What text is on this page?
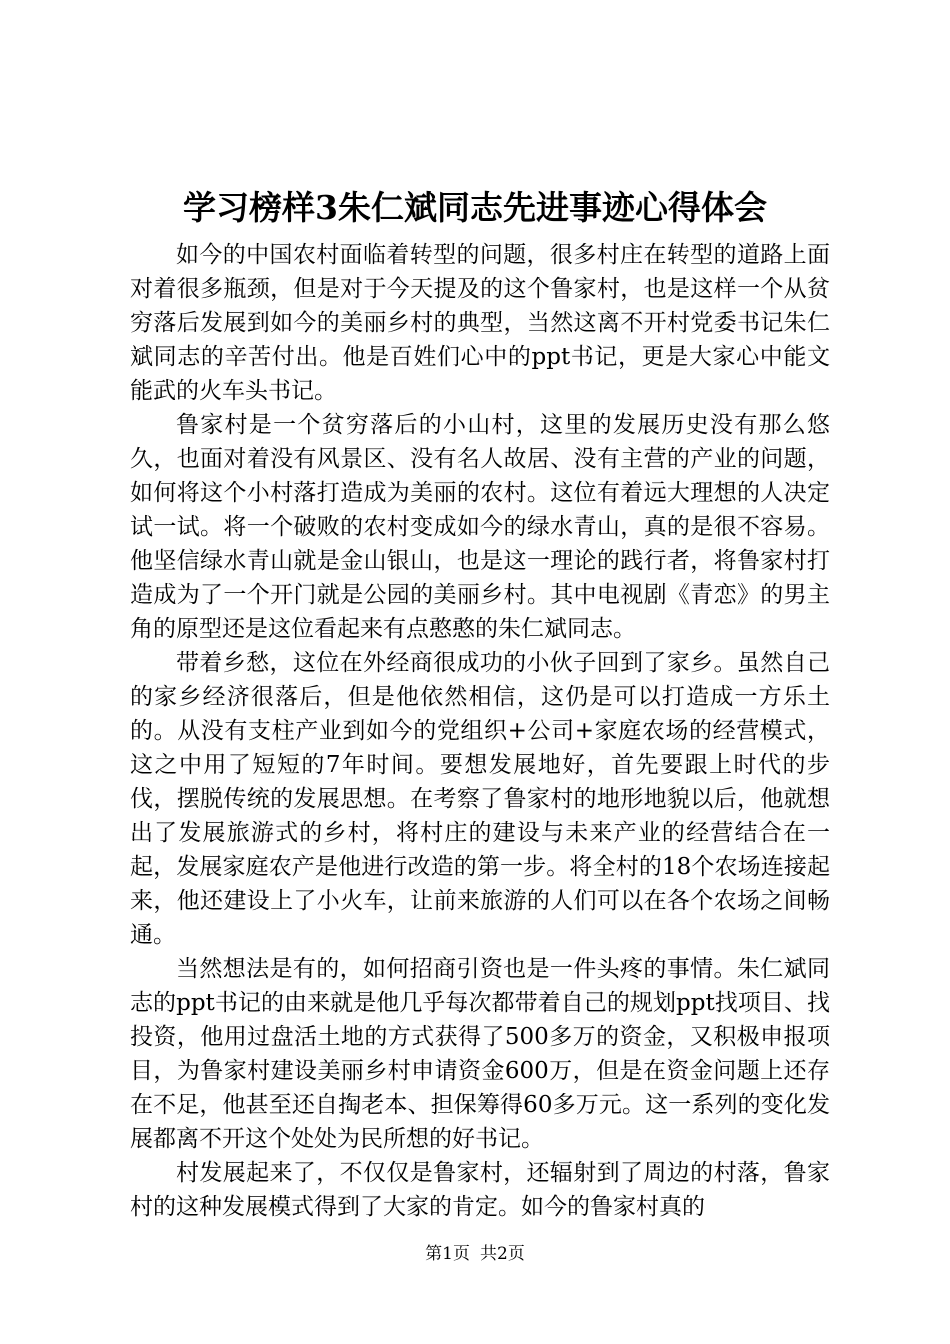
学习榜样3朱仁斌同志先进事迹心得体会

如今的中国农村面临着转型的问题，很多村庄在转型的道路上面对着很多瓶颈，但是对于今天提及的这个鲁家村，也是这样一个从贫穷落后发展到如今的美丽乡村的典型，当然这离不开村党委书记朱仁斌同志的辛苦付出。他是百姓们心中的ppt书记，更是大家心中能文能武的火车头书记。

鲁家村是一个贫穷落后的小山村，这里的发展历史没有那么悠久，也面对着没有风景区、没有名人故居、没有主营的产业的问题，如何将这个小村落打造成为美丽的农村。这位有着远大理想的人决定试一试。将一个破败的农村变成如今的绿水青山，真的是很不容易。他坚信绿水青山就是金山银山，也是这一理论的践行者，将鲁家村打造成为了一个开门就是公园的美丽乡村。其中电视剧《青恋》的男主角的原型还是这位看起来有点憨憨的朱仁斌同志。

带着乡愁，这位在外经商很成功的小伙子回到了家乡。虽然自己的家乡经济很落后，但是他依然相信，这仍是可以打造成一方乐土的。从没有支柱产业到如今的党组织+公司+家庭农场的经营模式，这之中用了短短的7年时间。要想发展地好，首先要跟上时代的步伐，摆脱传统的发展思想。在考察了鲁家村的地形地貌以后，他就想出了发展旅游式的乡村，将村庄的建设与未来产业的经营结合在一起，发展家庭农产是他进行改造的第一步。将全村的18个农场连接起来，他还建设上了小火车，让前来旅游的人们可以在各个农场之间畅通。

当然想法是有的，如何招商引资也是一件头疼的事情。朱仁斌同志的ppt书记的由来就是他几乎每次都带着自己的规划ppt找项目、找投资，他用过盘活土地的方式获得了500多万的资金，又积极申报项目，为鲁家村建设美丽乡村申请资金600万，但是在资金问题上还存在不足，他甚至还自掏老本、担保筹得60多万元。这一系列的变化发展都离不开这个处处为民所想的好书记。

村发展起来了，不仅仅是鲁家村，还辐射到了周边的村落，鲁家村的这种发展模式得到了大家的肯定。如今的鲁家村真的

第1页 共2页
